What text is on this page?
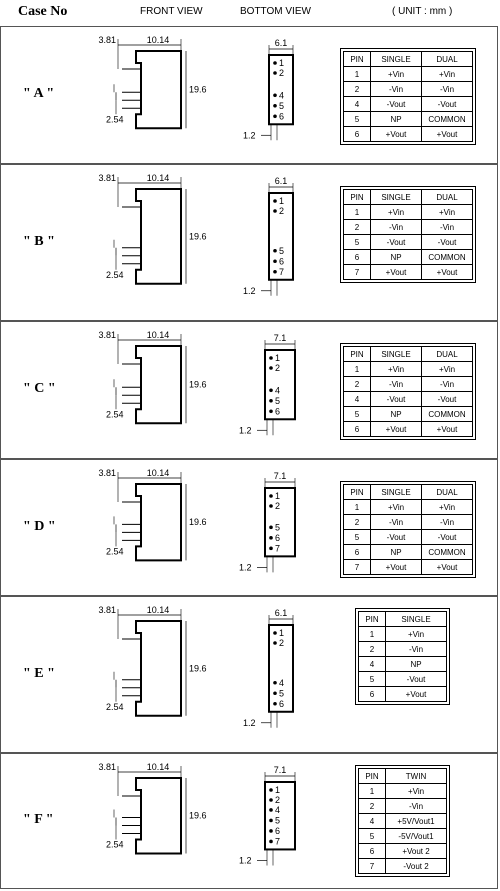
Case No	FRONT VIEW	BOTTOM VIEW	( UNIT : mm )
" A "
3.81	10.14
19.6
2.54
6.1
1
2
4
5
6
1.2
PIN	SINGLE	DUAL
1	+Vin	+Vin
2	-Vin	-Vin
4	-Vout	-Vout
5	NP	COMMON
6	+Vout	+Vout
" B "
3.81	10.14
19.6
2.54
6.1
1
2
5
6
7
1.2
PIN	SINGLE	DUAL
1	+Vin	+Vin
2	-Vin	-Vin
5	-Vout	-Vout
6	NP	COMMON
7	+Vout	+Vout
" C "
3.81	10.14
19.6
2.54
7.1
1
2
4
5
6
1.2
PIN	SINGLE	DUAL
1	+Vin	+Vin
2	-Vin	-Vin
4	-Vout	-Vout
5	NP	COMMON
6	+Vout	+Vout
" D "
3.81	10.14
19.6
2.54
7.1
1
2
5
6
7
1.2
PIN	SINGLE	DUAL
1	+Vin	+Vin
2	-Vin	-Vin
5	-Vout	-Vout
6	NP	COMMON
7	+Vout	+Vout
" E "
3.81	10.14
19.6
2.54
6.1
1
2
4
5
6
1.2
PIN	SINGLE
1	+Vin
2	-Vin
4	NP
5	-Vout
6	+Vout
" F "
3.81	10.14
19.6
2.54
7.1
1
2
4
5
6
7
1.2
PIN	TWIN
1	+Vin
2	-Vin
4	+5V/Vout1
5	-5V/Vout1
6	+Vout 2
7	-Vout 2
